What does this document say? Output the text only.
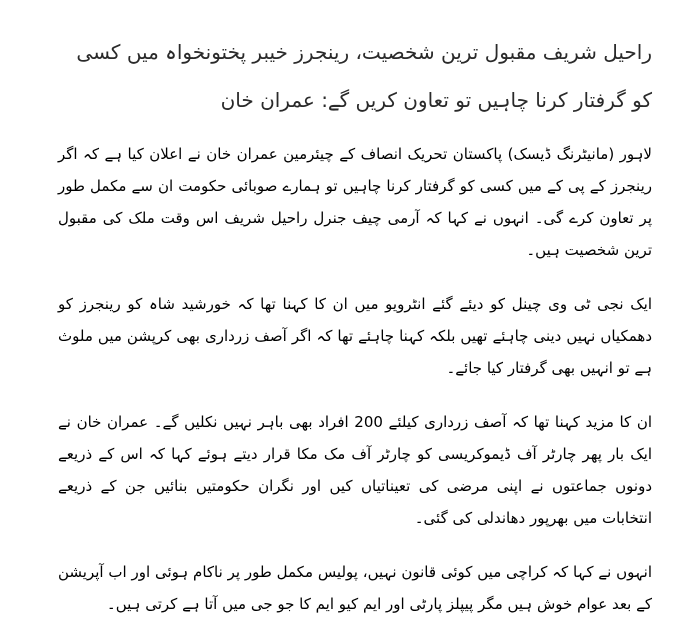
راحیل شریف مقبول ترین شخصیت، رینجرز خیبر پختونخواہ میں کسی کو گرفتار کرنا چاہیں تو تعاون کریں گے: عمران خان

لاہور (مانیٹرنگ ڈیسک) پاکستان تحریک انصاف کے چیئرمین عمران خان نے اعلان کیا ہے کہ اگر رینجرز کے پی کے میں کسی کو گرفتار کرنا چاہیں تو ہمارے صوبائی حکومت ان سے مکمل طور پر تعاون کرے گی۔ انہوں نے کہا کہ آرمی چیف جنرل راحیل شریف اس وقت ملک کی مقبول ترین شخصیت ہیں۔

ایک نجی ٹی وی چینل کو دیئے گئے انٹرویو میں ان کا کہنا تھا کہ خورشید شاہ کو رینجرز کو دھمکیاں نہیں دینی چاہئے تھیں بلکہ کہنا چاہئے تھا کہ اگر آصف زرداری بھی کرپشن میں ملوث ہے تو انہیں بھی گرفتار کیا جائے۔

ان کا مزید کہنا تھا کہ آصف زرداری کیلئے 200 افراد بھی باہر نہیں نکلیں گے۔ عمران خان نے ایک بار پھر چارٹر آف ڈیموکریسی کو چارٹر آف مک مکا قرار دیتے ہوئے کہا کہ اس کے ذریعے دونوں جماعتوں نے اپنی مرضی کی تعیناتیاں کیں اور نگران حکومتیں بنائیں جن کے ذریعے انتخابات میں بھرپور دھاندلی کی گئی۔

انہوں نے کہا کہ کراچی میں کوئی قانون نہیں، پولیس مکمل طور پر ناکام ہوئی اور اب آپریشن کے بعد عوام خوش ہیں مگر پیپلز پارٹی اور ایم کیو ایم کا جو جی میں آتا ہے کرتی ہیں۔
